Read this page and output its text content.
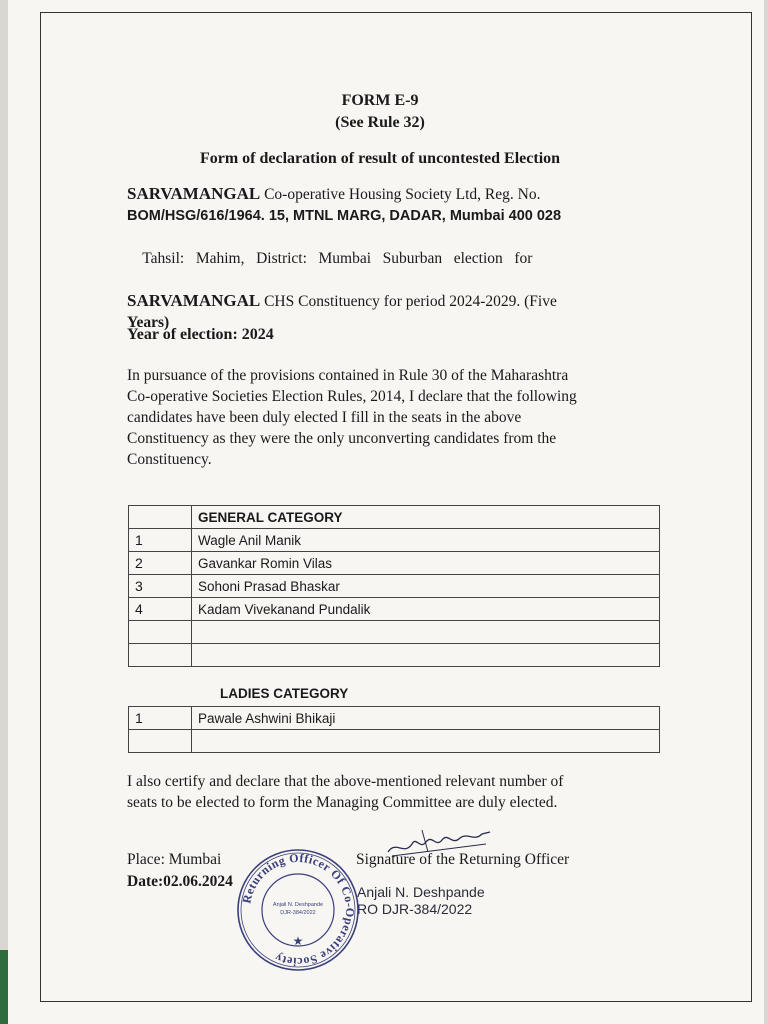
FORM E-9
(See Rule 32)
Form of declaration of result of uncontested Election
SARVAMANGAL Co-operative Housing Society Ltd, Reg. No.
BOM/HSG/616/1964. 15, MTNL MARG, DADAR, Mumbai 400 028

Tahsil:   Mahim,   District:   Mumbai   Suburban   election   for

SARVAMANGAL CHS Constituency for period 2024-2029. (Five
Years)
Year of election: 2024
In pursuance of the provisions contained in Rule 30 of the Maharashtra
Co-operative Societies Election Rules, 2014, I declare that the following
candidates have been duly elected I fill in the seats in the above
Constituency as they were the only unconverting candidates from the
Constituency.
	GENERAL CATEGORY
1	Wagle Anil Manik
2	Gavankar Romin Vilas
3	Sohoni Prasad Bhaskar
4	Kadam Vivekanand Pundalik

LADIES CATEGORY
1	Pawale Ashwini Bhikaji

I also certify and declare that the above-mentioned relevant number of
seats to be elected to form the Managing Committee are duly elected.
Place: Mumbai
Date:02.06.2024
Signature of the Returning Officer
Anjali N. Deshpande
RO DJR-384/2022
Returning Officer Of Co-Operative Society
★
Anjali N. Deshpande
DJR-384/2022
